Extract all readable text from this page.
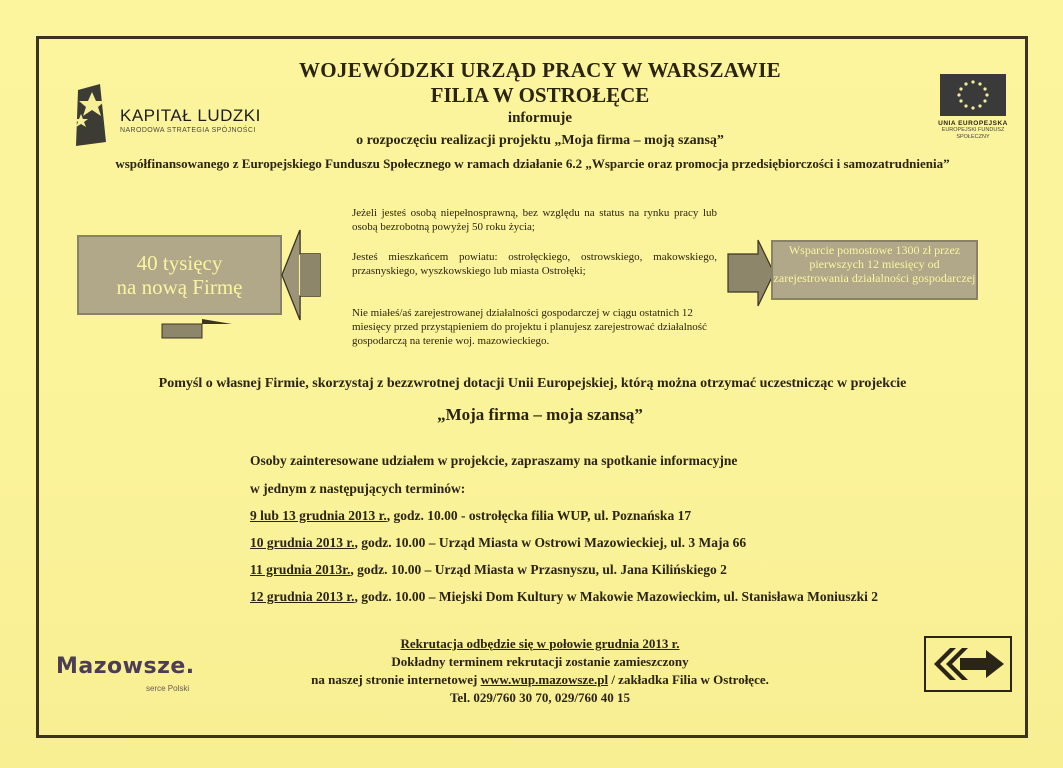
KAPITAŁ LUDZKI
NARODOWA STRATEGIA SPÓJNOŚCI
UNIA EUROPEJSKA
EUROPEJSKI FUNDUSZ
SPOŁECZNY
WOJEWÓDZKI URZĄD PRACY W WARSZAWIE
FILIA W OSTROŁĘCE
informuje
o rozpoczęciu realizacji projektu „Moja firma – moją szansą”
współfinansowanego z Europejskiego Funduszu Społecznego w ramach działanie 6.2 „Wsparcie oraz promocja przedsiębiorczości i samozatrudnienia”
40 tysięcy
na nową Firmę
Jeżeli jesteś osobą niepełnosprawną, bez względu na status na rynku pracy lub osobą bezrobotną powyżej 50 roku życia;
Jesteś mieszkańcem powiatu: ostrołęckiego, ostrowskiego, makowskiego, przasnyskiego, wyszkowskiego lub miasta Ostrołęki;
Nie miałeś/aś zarejestrowanej działalności gospodarczej w ciągu ostatnich 12 miesięcy przed przystąpieniem do projektu i planujesz zarejestrować działalność gospodarczą na terenie woj. mazowieckiego.
Wsparcie pomostowe 1300 zł przez pierwszych 12 miesięcy od zarejestrowania działalności gospodarczej
Pomyśl o własnej Firmie, skorzystaj z bezzwrotnej dotacji Unii Europejskiej, którą można otrzymać uczestnicząc w projekcie
„Moja firma – moja szansą”
Osoby zainteresowane udziałem w projekcie, zapraszamy na spotkanie informacyjne
w jednym z następujących terminów:
9 lub 13 grudnia 2013 r., godz. 10.00 - ostrołęcka filia WUP, ul. Poznańska 17
10 grudnia 2013 r., godz. 10.00 – Urząd Miasta w Ostrowi Mazowieckiej, ul. 3 Maja 66
11 grudnia 2013r., godz. 10.00 – Urząd Miasta w Przasnyszu, ul. Jana Kilińskiego 2
12 grudnia 2013 r., godz. 10.00 – Miejski Dom Kultury w Makowie Mazowieckim, ul. Stanisława Moniuszki 2
Rekrutacja odbędzie się w połowie grudnia 2013 r.
Dokładny terminem rekrutacji zostanie zamieszczony
na naszej stronie internetowej www.wup.mazowsze.pl / zakładka Filia w Ostrołęce.
Tel. 029/760 30 70, 029/760 40 15
Mazowsze.
serce Polski
